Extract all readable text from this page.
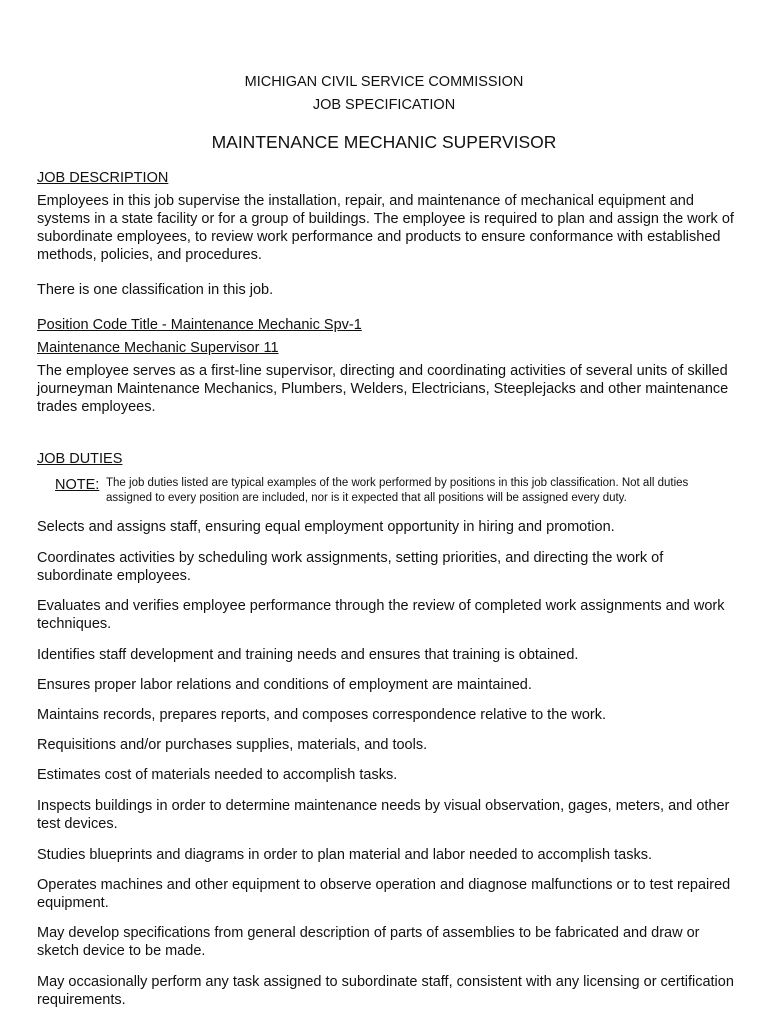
MICHIGAN CIVIL SERVICE COMMISSION
JOB SPECIFICATION
MAINTENANCE MECHANIC SUPERVISOR
JOB DESCRIPTION
Employees in this job supervise the installation, repair, and maintenance of mechanical equipment and systems in a state facility or for a group of buildings. The employee is required to plan and assign the work of subordinate employees, to review work performance and products to ensure conformance with established methods, policies, and procedures.
There is one classification in this job.
Position Code Title - Maintenance Mechanic Spv-1
Maintenance Mechanic Supervisor 11
The employee serves as a first-line supervisor, directing and coordinating activities of several units of skilled journeyman Maintenance Mechanics, Plumbers, Welders, Electricians, Steeplejacks and other maintenance trades employees.
JOB DUTIES
NOTE: The job duties listed are typical examples of the work performed by positions in this job classification. Not all duties assigned to every position are included, nor is it expected that all positions will be assigned every duty.
Selects and assigns staff, ensuring equal employment opportunity in hiring and promotion.
Coordinates activities by scheduling work assignments, setting priorities, and directing the work of subordinate employees.
Evaluates and verifies employee performance through the review of completed work assignments and work techniques.
Identifies staff development and training needs and ensures that training is obtained.
Ensures proper labor relations and conditions of employment are maintained.
Maintains records, prepares reports, and composes correspondence relative to the work.
Requisitions and/or purchases supplies, materials, and tools.
Estimates cost of materials needed to accomplish tasks.
Inspects buildings in order to determine maintenance needs by visual observation, gages, meters, and other test devices.
Studies blueprints and diagrams in order to plan material and labor needed to accomplish tasks.
Operates machines and other equipment to observe operation and diagnose malfunctions or to test repaired equipment.
May develop specifications from general description of parts of assemblies to be fabricated and draw or sketch device to be made.
May occasionally perform any task assigned to subordinate staff, consistent with any licensing or certification requirements.
